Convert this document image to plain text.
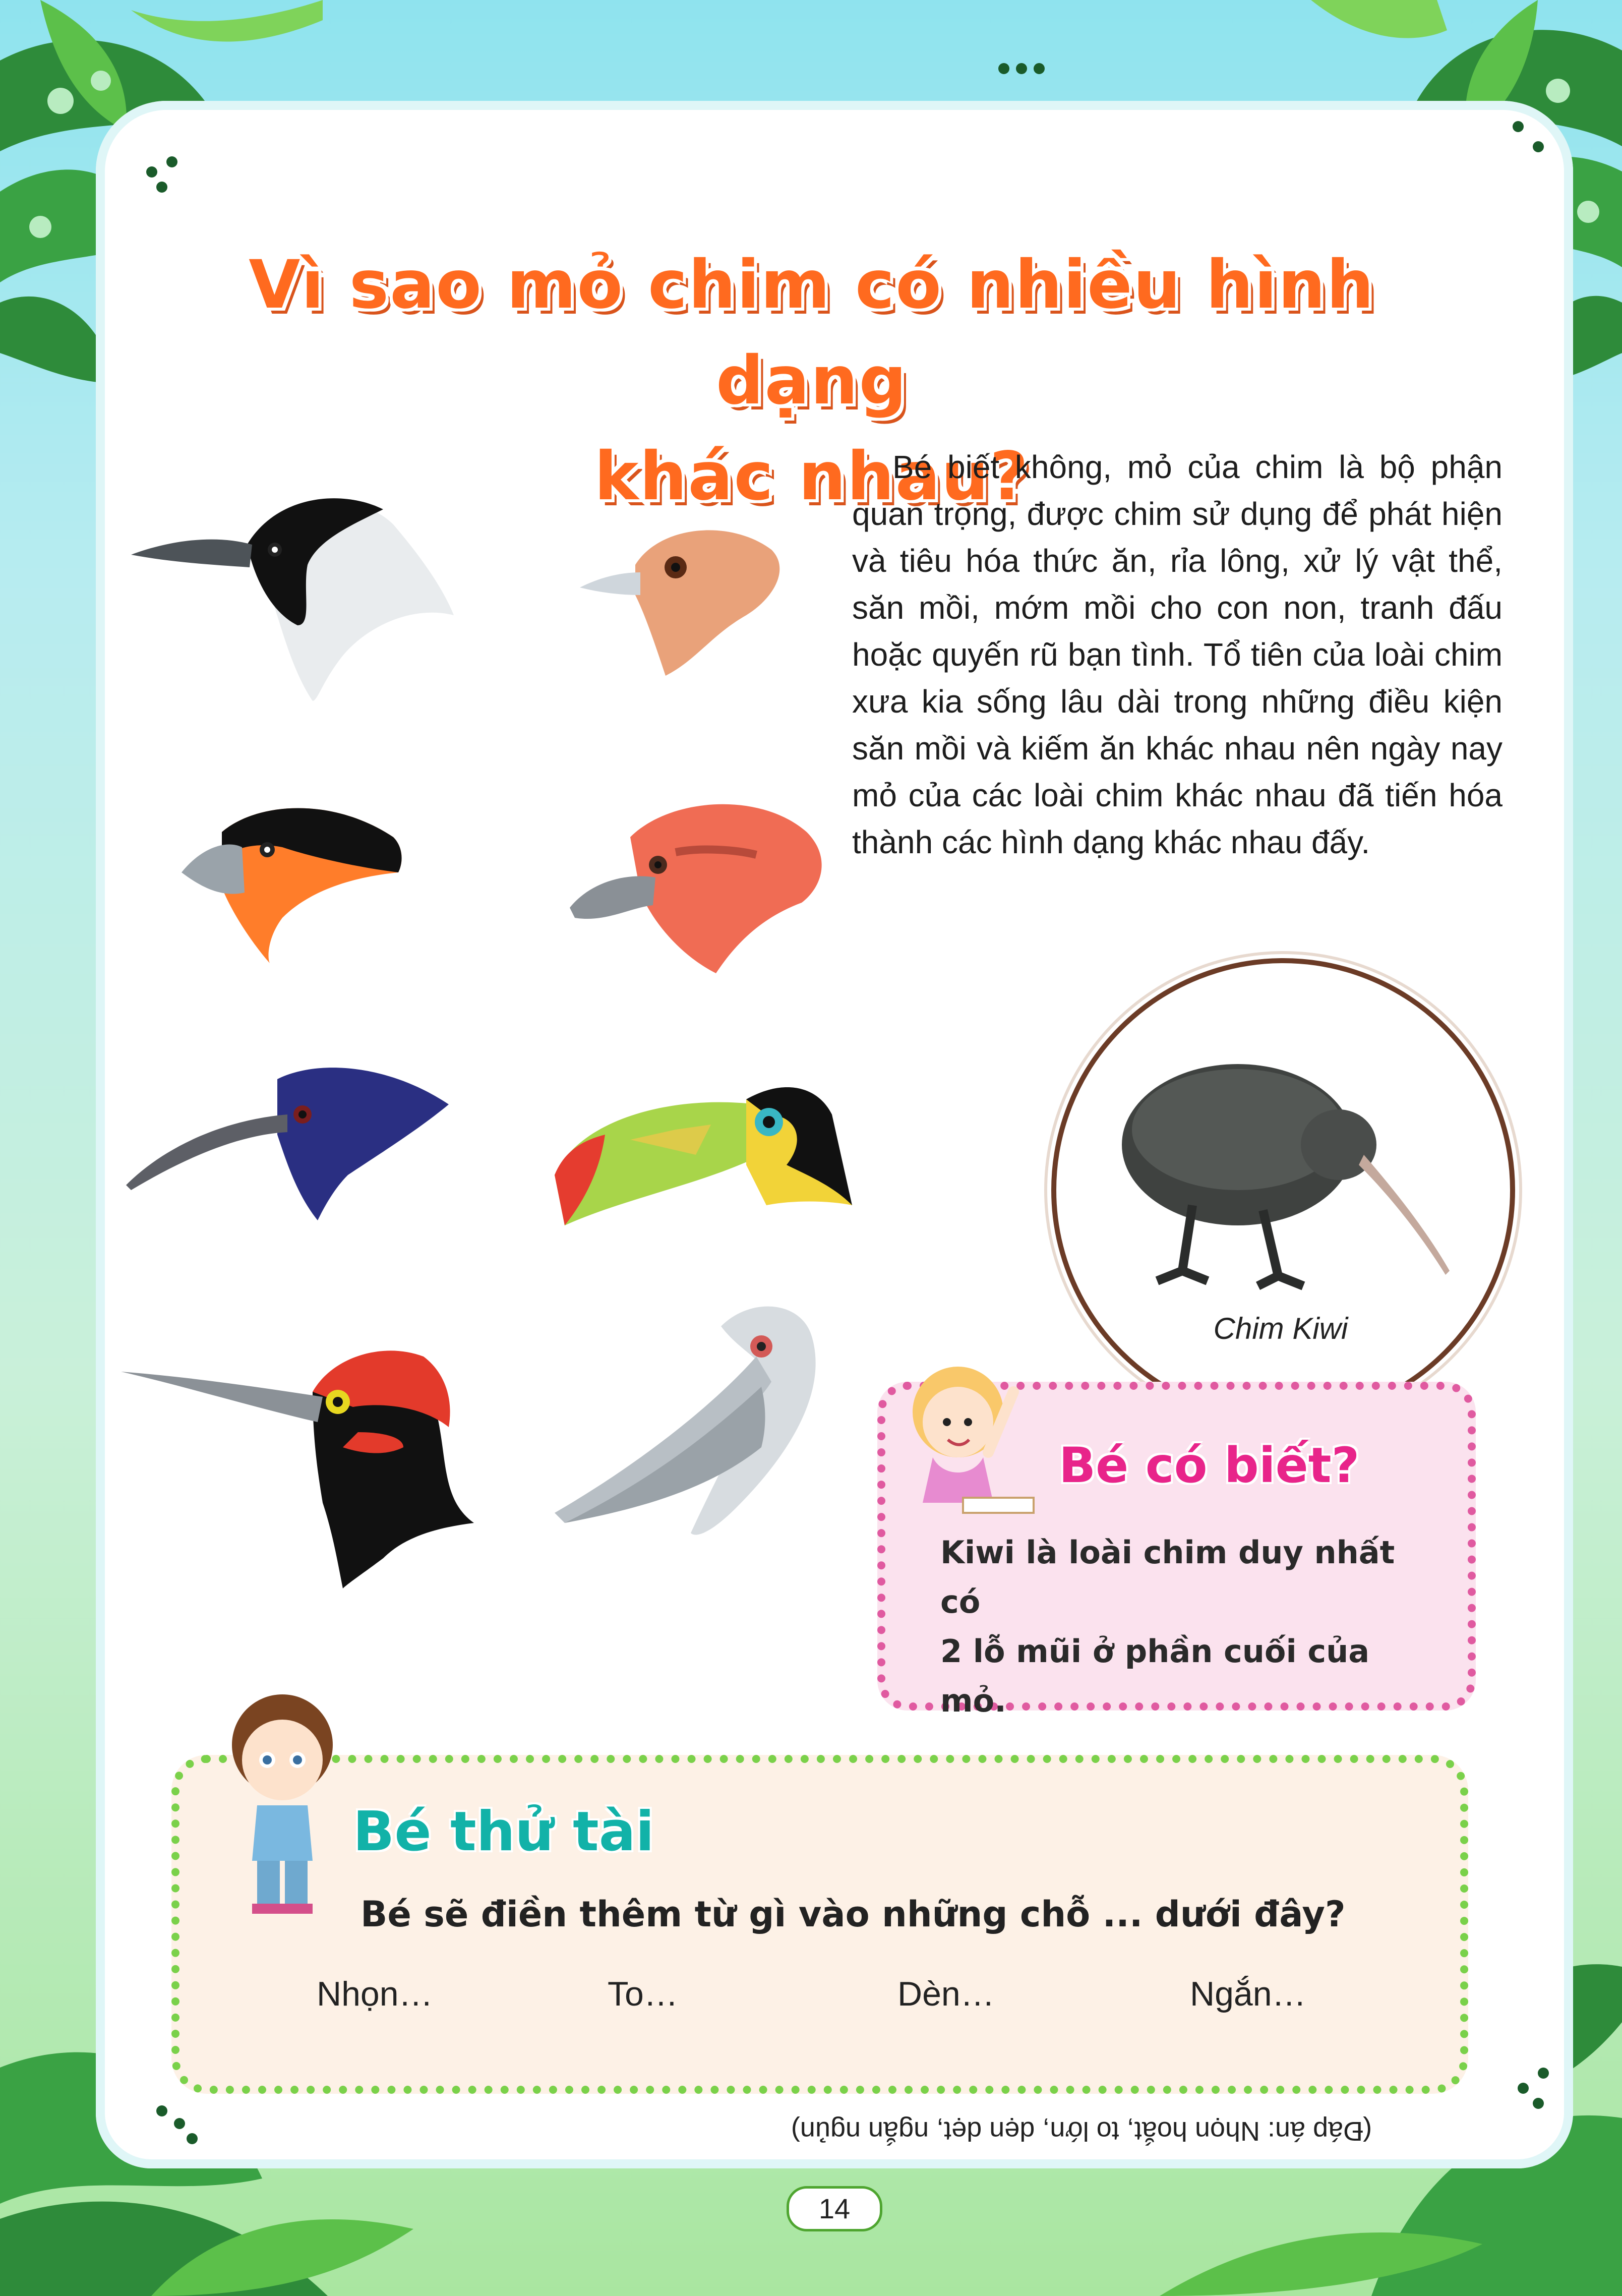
Vì sao mỏ chim có nhiều hình dạng
khác nhau?
Bé biết không, mỏ của chim là bộ phận quan trọng, được chim sử dụng để phát hiện và tiêu hóa thức ăn, rỉa lông, xử lý vật thể, săn mồi, mớm mồi cho con non, tranh đấu hoặc quyến rũ bạn tình. Tổ tiên của loài chim xưa kia sống lâu dài trong những điều kiện săn mồi và kiếm ăn khác nhau nên ngày nay mỏ của các loài chim khác nhau đã tiến hóa thành các hình dạng khác nhau đấy.
Chim Kiwi
Bé có biết?
Kiwi là loài chim duy nhất có
2 lỗ mũi ở phần cuối của mỏ.
Bé thử tài
Bé sẽ điền thêm từ gì vào những chỗ ... dưới đây?
Nhọn…	To…	Dèn…	Ngắn…
(Đáp án: Nhọn hoắt, to lớn, dẹn dẹt, ngắn ngủn)
14
